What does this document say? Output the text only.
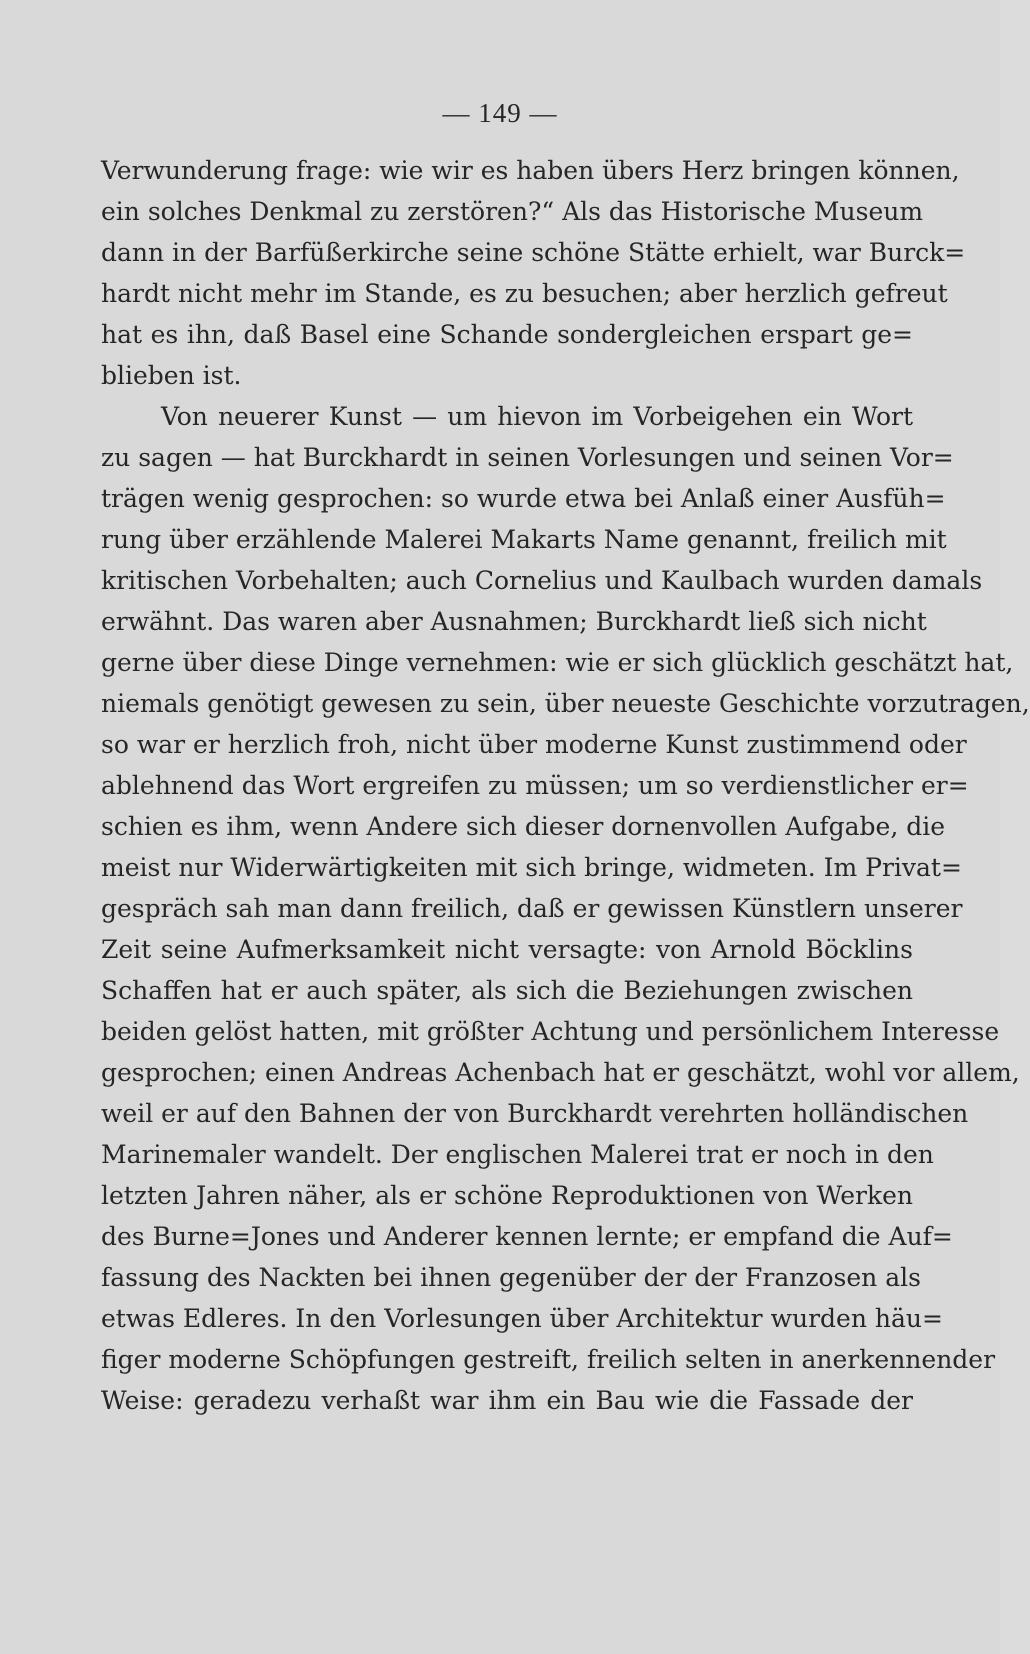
— 149 —
Verwunderung frage: wie wir es haben übers Herz bringen können,
ein solches Denkmal zu zerstören?“ Als das Historische Museum
dann in der Barfüßerkirche seine schöne Stätte erhielt, war Burck=
hardt nicht mehr im Stande, es zu besuchen; aber herzlich gefreut
hat es ihn, daß Basel eine Schande sondergleichen erspart ge=
blieben ist.
Von neuerer Kunst — um hievon im Vorbeigehen ein Wort
zu sagen — hat Burckhardt in seinen Vorlesungen und seinen Vor=
trägen wenig gesprochen: so wurde etwa bei Anlaß einer Ausfüh=
rung über erzählende Malerei Makarts Name genannt, freilich mit
kritischen Vorbehalten; auch Cornelius und Kaulbach wurden damals
erwähnt. Das waren aber Ausnahmen; Burckhardt ließ sich nicht
gerne über diese Dinge vernehmen: wie er sich glücklich geschätzt hat,
niemals genötigt gewesen zu sein, über neueste Geschichte vorzutragen,
so war er herzlich froh, nicht über moderne Kunst zustimmend oder
ablehnend das Wort ergreifen zu müssen; um so verdienstlicher er=
schien es ihm, wenn Andere sich dieser dornenvollen Aufgabe, die
meist nur Widerwärtigkeiten mit sich bringe, widmeten. Im Privat=
gespräch sah man dann freilich, daß er gewissen Künstlern unserer
Zeit seine Aufmerksamkeit nicht versagte: von Arnold Böcklins
Schaffen hat er auch später, als sich die Beziehungen zwischen
beiden gelöst hatten, mit größter Achtung und persönlichem Interesse
gesprochen; einen Andreas Achenbach hat er geschätzt, wohl vor allem,
weil er auf den Bahnen der von Burckhardt verehrten holländischen
Marinemaler wandelt. Der englischen Malerei trat er noch in den
letzten Jahren näher, als er schöne Reproduktionen von Werken
des Burne=Jones und Anderer kennen lernte; er empfand die Auf=
fassung des Nackten bei ihnen gegenüber der der Franzosen als
etwas Edleres. In den Vorlesungen über Architektur wurden häu=
figer moderne Schöpfungen gestreift, freilich selten in anerkennender
Weise: geradezu verhaßt war ihm ein Bau wie die Fassade der
